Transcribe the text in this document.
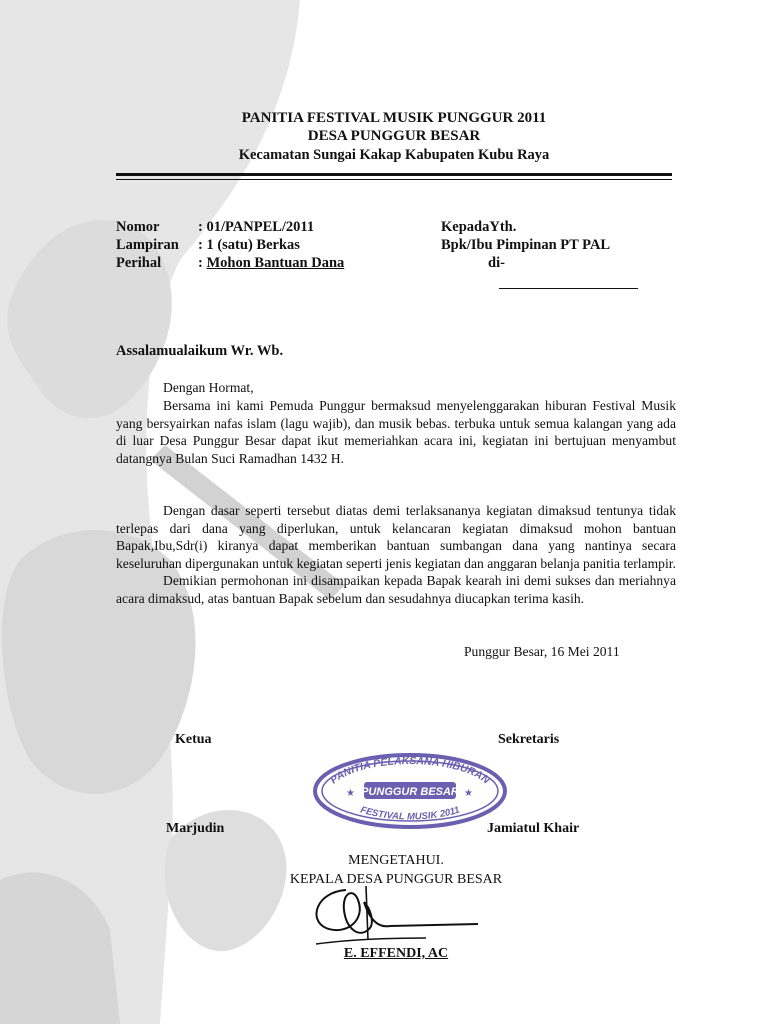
PANITIA FESTIVAL MUSIK PUNGGUR 2011
DESA PUNGGUR BESAR
Kecamatan Sungai Kakap Kabupaten Kubu Raya
Nomor	: 01/PANPEL/2011
Lampiran : 1 (satu) Berkas
Perihal	: Mohon Bantuan Dana
KepadaYth.
Bpk/Ibu Pimpinan PT PAL
di-
Assalamualaikum Wr. Wb.
Dengan Hormat,

Bersama ini kami Pemuda Punggur bermaksud menyelenggarakan hiburan Festival Musik yang bersyairkan nafas islam (lagu wajib), dan musik bebas. terbuka untuk semua kalangan yang ada di luar Desa Punggur Besar dapat ikut memeriahkan acara ini, kegiatan ini bertujuan menyambut datangnya Bulan Suci Ramadhan 1432 H.

Dengan dasar seperti tersebut diatas demi terlaksananya kegiatan dimaksud tentunya tidak terlepas dari dana yang diperlukan, untuk kelancaran kegiatan dimaksud mohon bantuan Bapak,Ibu,Sdr(i) kiranya dapat memberikan bantuan sumbangan dana yang nantinya secara keseluruhan dipergunakan untuk kegiatan seperti jenis kegiatan dan anggaran belanja panitia terlampir.

Demikian permohonan ini disampaikan kepada Bapak kearah ini demi sukses dan meriahnya acara dimaksud, atas bantuan Bapak sebelum dan sesudahnya diucapkan terima kasih.

Punggur Besar, 16 Mei 2011
Ketua	Sekretaris
Marjudin	Jamiatul Khair
PANITIA PELAKSANA HIBURAN
FESTIVAL MUSIK 2011
PUNGGUR BESAR
★	★
MENGETAHUI.
KEPALA DESA PUNGGUR BESAR
E. EFFENDI, AC
